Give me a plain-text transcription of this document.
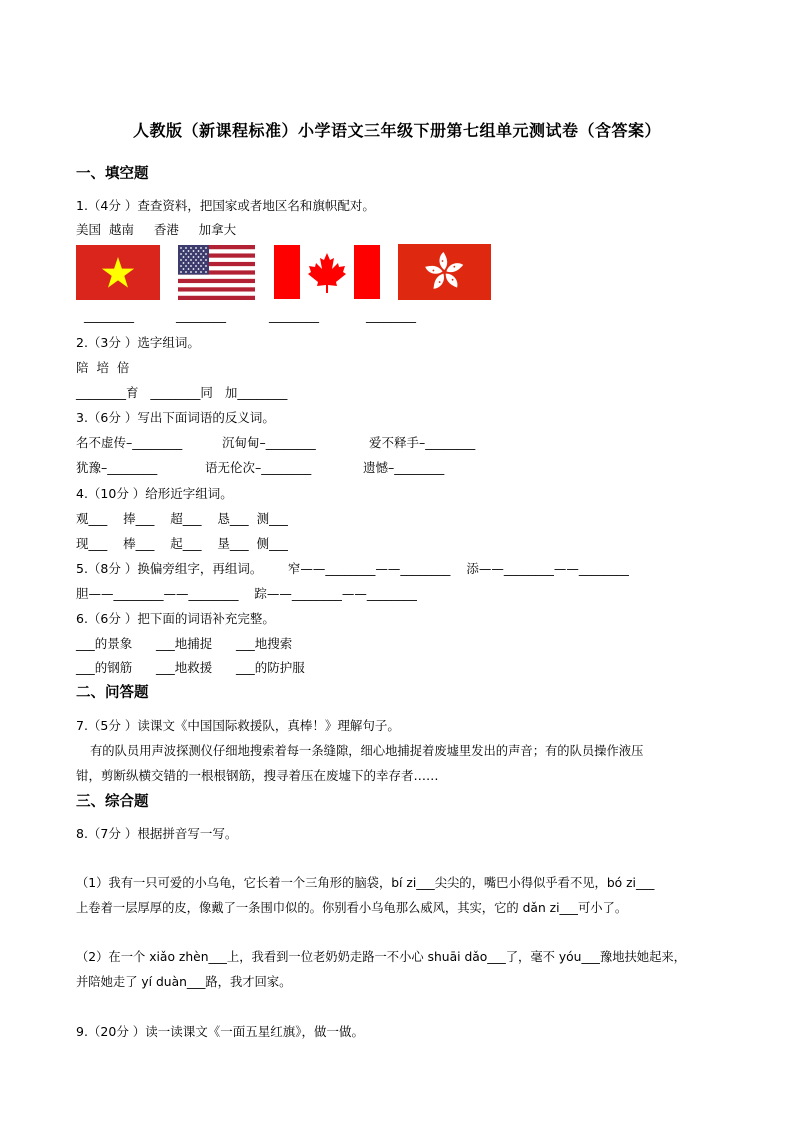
人教版（新课程标准）小学语文三年级下册第七组单元测试卷（含答案）
一、填空题
1.（4分 ）查查资料，把国家或者地区名和旗帜配对。
美国  越南     香港     加拿大
________	________	________	________
2.（3分 ）选字组词。
陪  培  倍
________育   ________同   加________
3.（6分 ）写出下面词语的反义词。
名不虚传–________	沉甸甸–________	爱不释手–________
犹豫–________	语无伦次–________	遗憾–________
4.（10分 ）给形近字组词。
观___    捧___    超___    恳___  测___
现___    棒___    起___    垦___  侧___
5.（8分 ）换偏旁组字，再组词。 窄——________——________    添——________——________
胆——________——________    踪——________——________
6.（6分 ）把下面的词语补充完整。
___的景象 ___地捕捉 ___地搜索
___的钢筋 ___地救援 ___的防护服
二、问答题
7.（5分 ）读课文《中国国际救援队，真棒！》理解句子。
有的队员用声波探测仪仔细地搜索着每一条缝隙，细心地捕捉着废墟里发出的声音；有的队员操作液压
钳，剪断纵横交错的一根根钢筋，搜寻着压在废墟下的幸存者……
三、综合题
8.（7分 ）根据拼音写一写。
（1）我有一只可爱的小乌龟，它长着一个三角形的脑袋，bí zi___尖尖的，嘴巴小得似乎看不见，bó zi___
上卷着一层厚厚的皮，像戴了一条围巾似的。你别看小乌龟那么威风，其实，它的 dǎn zi___可小了。
（2）在一个 xiǎo zhèn___上，我看到一位老奶奶走路一不小心 shuāi dǎo___了，毫不 yóu___豫地扶她起来，
并陪她走了 yí duàn___路，我才回家。
9.（20分 ）读一读课文《一面五星红旗》，做一做。
